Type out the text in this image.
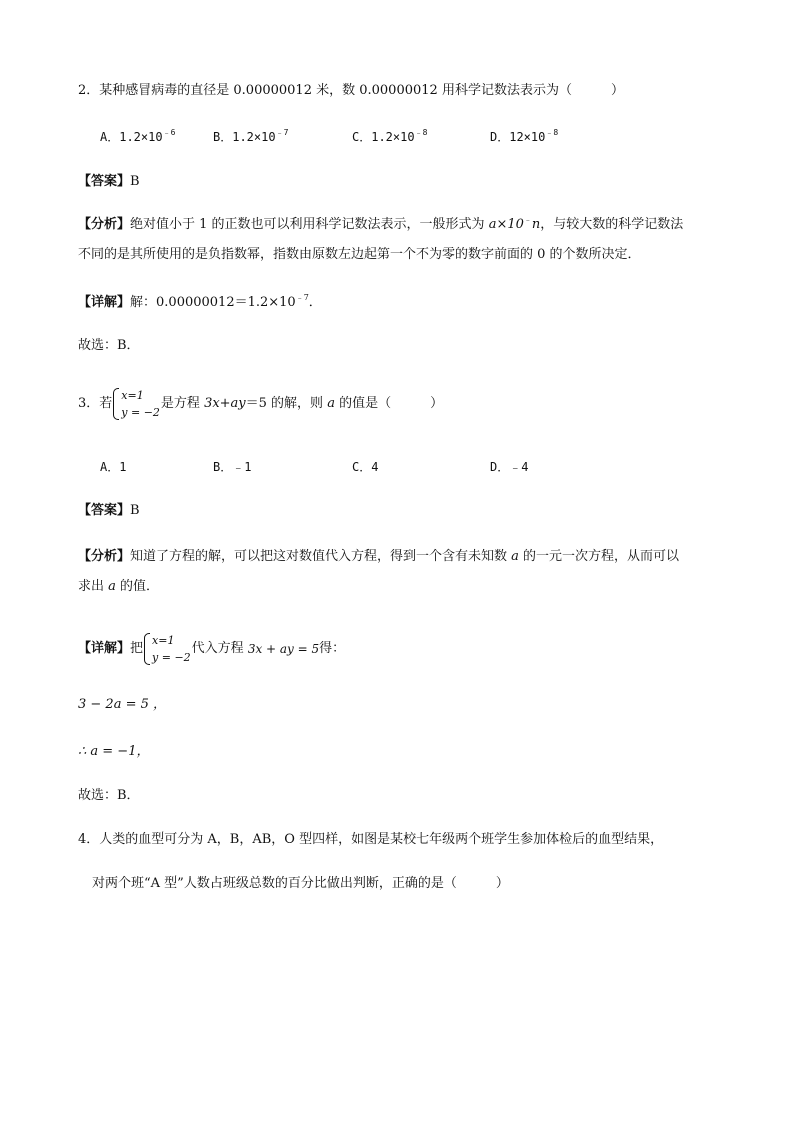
2．某种感冒病毒的直径是 0.00000012 米，数 0.00000012 用科学记数法表示为（　　　）
A．$1.2\times 10^{﹣6}$	B．$1.2\times 10^{﹣7}$	C．$1.2\times 10^{﹣8}$	D．$12\times 10^{﹣8}$
【答案】B
【分析】绝对值小于 1 的正数也可以利用科学记数法表示，一般形式为 a×10﹣n，与较大数的科学记数法
不同的是其所使用的是负指数幂，指数由原数左边起第一个不为零的数字前面的 0 的个数所决定．
【详解】解：$0.00000012=1.2\times 10^{﹣7}$．
故选：B．
3．若
x=1
y = −2
是方程 3x+ay＝5 的解，则 a 的值是（　　　）
A．1	B．﹣1	C．4	D．﹣4
【答案】B
【分析】知道了方程的解，可以把这对数值代入方程，得到一个含有未知数 a 的一元一次方程，从而可以
求出 a 的值．
【详解】把
x=1
y = −2
代入方程 3x + ay = 5得：
3 − 2a = 5 ，
∴ a = −1，
故选：B．
4．人类的血型可分为 A，B，AB，O 型四样，如图是某校七年级两个班学生参加体检后的血型结果，
对两个班“A 型”人数占班级总数的百分比做出判断，正确的是（　　　）
